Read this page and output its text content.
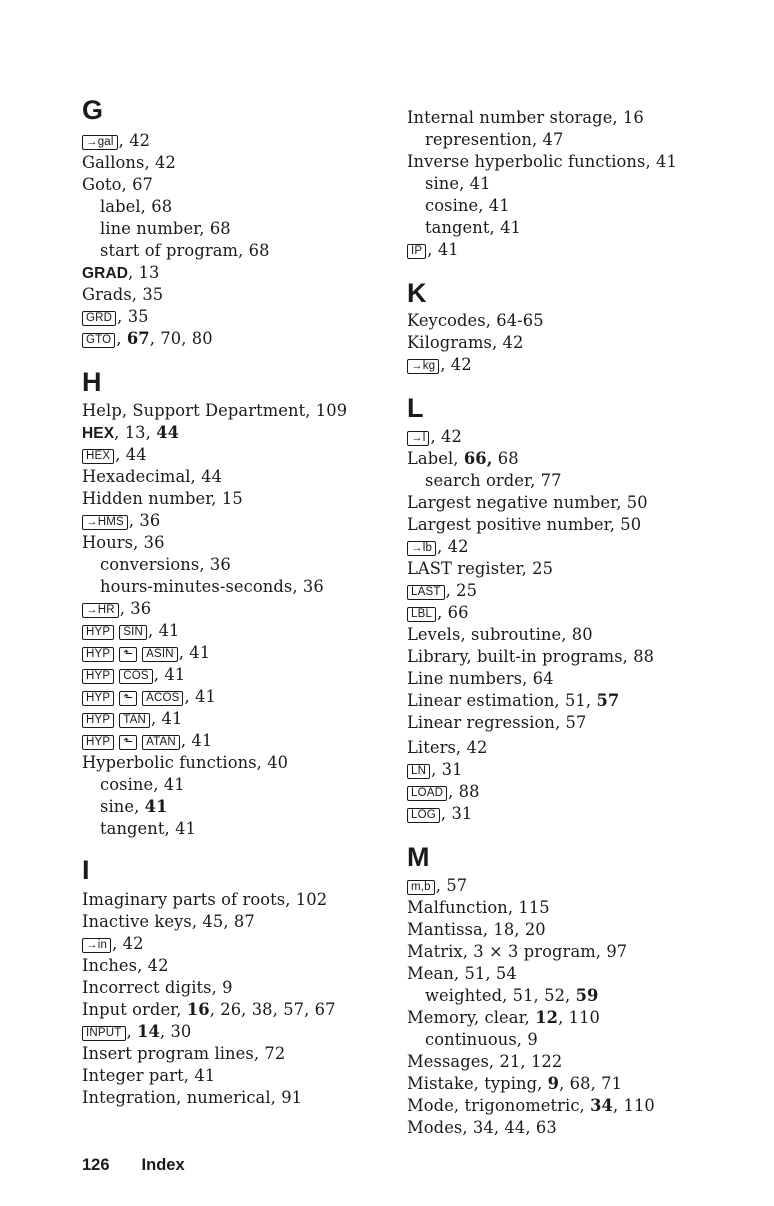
G
→gal , 42
Gallons, 42
Goto, 67
label, 68
line number, 68
start of program, 68
GRAD, 13
Grads, 35
GRD , 35
GTO , 67, 70, 80
H
Help, Support Department, 109
HEX, 13, 44
HEX , 44
Hexadecimal, 44
Hidden number, 15
→HMS , 36
Hours, 36
conversions, 36
hours-minutes-seconds, 36
→HR , 36
HYP SIN , 41
HYP ⬑ ASIN , 41
HYP COS , 41
HYP ⬑ ACOS , 41
HYP TAN , 41
HYP ⬑ ATAN , 41
Hyperbolic functions, 40
cosine, 41
sine, 41
tangent, 41
I
Imaginary parts of roots, 102
Inactive keys, 45, 87
→in , 42
Inches, 42
Incorrect digits, 9
Input order, 16, 26, 38, 57, 67
INPUT , 14, 30
Insert program lines, 72
Integer part, 41
Integration, numerical, 91
Internal number storage, 16
represention, 47
Inverse hyperbolic functions, 41
sine, 41
cosine, 41
tangent, 41
IP , 41
K
Keycodes, 64-65
Kilograms, 42
→kg , 42
L
→l , 42
Label, 66, 68
search order, 77
Largest negative number, 50
Largest positive number, 50
→lb , 42
LAST register, 25
LAST , 25
LBL , 66
Levels, subroutine, 80
Library, built-in programs, 88
Line numbers, 64
Linear estimation, 51, 57
Linear regression, 57
Liters, 42
LN , 31
LOAD , 88
LOG , 31
M
m,b , 57
Malfunction, 115
Mantissa, 18, 20
Matrix, 3 × 3 program, 97
Mean, 51, 54
weighted, 51, 52, 59
Memory, clear, 12, 110
continuous, 9
Messages, 21, 122
Mistake, typing, 9, 68, 71
Mode, trigonometric, 34, 110
Modes, 34, 44, 63
126 Index
